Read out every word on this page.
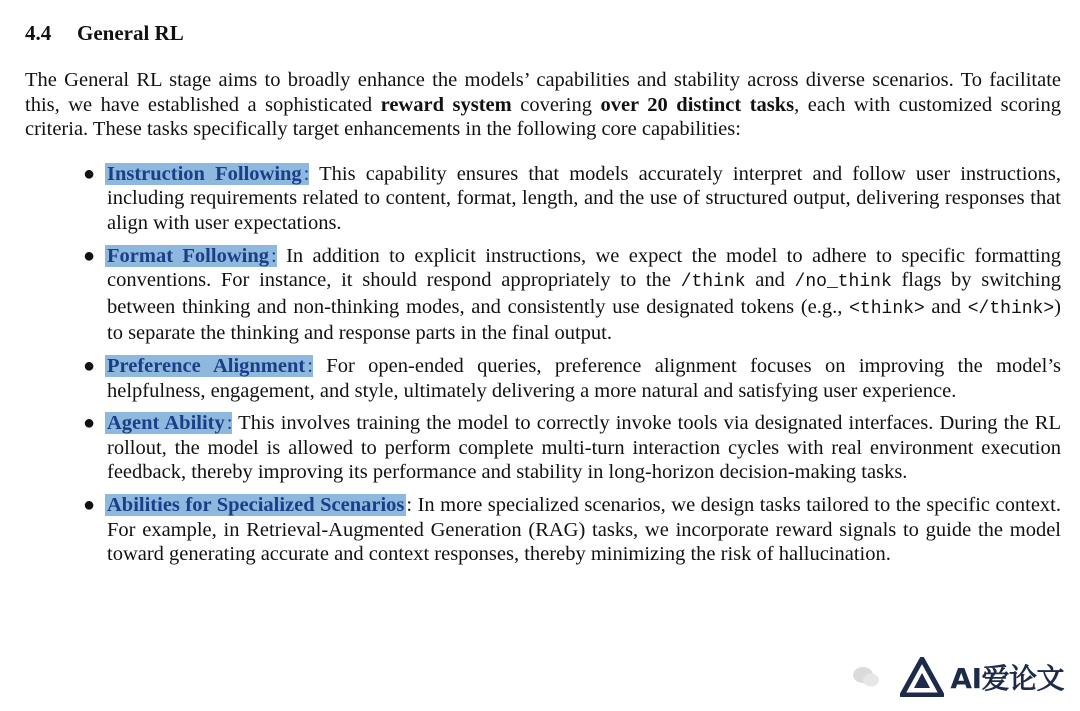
4.4 General RL

The General RL stage aims to broadly enhance the models’ capabilities and stability across diverse scenarios. To facilitate this, we have established a sophisticated reward system covering over 20 distinct tasks, each with customized scoring criteria. These tasks specifically target enhancements in the following core capabilities:

● Instruction Following: This capability ensures that models accurately interpret and follow user instructions, including requirements related to content, format, length, and the use of structured output, delivering responses that align with user expectations.
● Format Following: In addition to explicit instructions, we expect the model to adhere to specific formatting conventions. For instance, it should respond appropriately to the /think and /no_think flags by switching between thinking and non-thinking modes, and consistently use designated tokens (e.g., <think> and </think>) to separate the thinking and response parts in the final output.
● Preference Alignment: For open-ended queries, preference alignment focuses on improving the model’s helpfulness, engagement, and style, ultimately delivering a more natural and satisfying user experience.
● Agent Ability: This involves training the model to correctly invoke tools via designated interfaces. During the RL rollout, the model is allowed to perform complete multi-turn interaction cycles with real environment execution feedback, thereby improving its performance and stability in long-horizon decision-making tasks.
● Abilities for Specialized Scenarios: In more specialized scenarios, we design tasks tailored to the specific context. For example, in Retrieval-Augmented Generation (RAG) tasks, we incorporate reward signals to guide the model toward generating accurate and context responses, thereby minimizing the risk of hallucination.
AI爱论文
